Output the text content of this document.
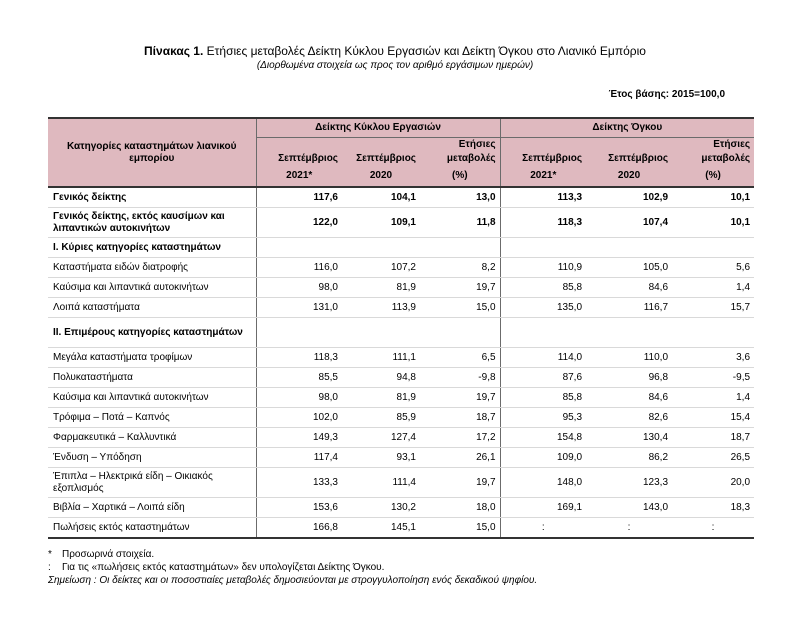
Πίνακας 1. Ετήσιες μεταβολές Δείκτη Κύκλου Εργασιών και Δείκτη Όγκου στο Λιανικό Εμπόριο
(Διορθωμένα στοιχεία ως προς τον αριθμό εργάσιμων ημερών)
Έτος βάσης: 2015=100,0
Κατηγορίες καταστημάτων λιανικού εμπορίου	Δείκτης Κύκλου Εργασιών			Δείκτης Όγκου		
			Ετήσιες			Ετήσιες
	Σεπτέμβριος	Σεπτέμβριος	μεταβολές	Σεπτέμβριος	Σεπτέμβριος	μεταβολές
	2021*	2020	(%)	2021*	2020	(%)
Γενικός δείκτης	117,6	104,1	13,0	113,3	102,9	10,1
Γενικός δείκτης, εκτός καυσίμων και λιπαντικών αυτοκινήτων	122,0	109,1	11,8	118,3	107,4	10,1
Ι. Κύριες κατηγορίες καταστημάτων						
Καταστήματα ειδών διατροφής	116,0	107,2	8,2	110,9	105,0	5,6
Καύσιμα και λιπαντικά αυτοκινήτων	98,0	81,9	19,7	85,8	84,6	1,4
Λοιπά καταστήματα	131,0	113,9	15,0	135,0	116,7	15,7
ΙΙ. Επιμέρους κατηγορίες καταστημάτων						
Μεγάλα καταστήματα τροφίμων	118,3	111,1	6,5	114,0	110,0	3,6
Πολυκαταστήματα	85,5	94,8	-9,8	87,6	96,8	-9,5
Καύσιμα και λιπαντικά αυτοκινήτων	98,0	81,9	19,7	85,8	84,6	1,4
Τρόφιμα – Ποτά – Καπνός	102,0	85,9	18,7	95,3	82,6	15,4
Φαρμακευτικά – Καλλυντικά	149,3	127,4	17,2	154,8	130,4	18,7
Ένδυση – Υπόδηση	117,4	93,1	26,1	109,0	86,2	26,5
Έπιπλα – Ηλεκτρικά είδη – Οικιακός εξοπλισμός	133,3	111,4	19,7	148,0	123,3	20,0
Βιβλία – Χαρτικά – Λοιπά είδη	153,6	130,2	18,0	169,1	143,0	18,3
Πωλήσεις εκτός καταστημάτων	166,8	145,1	15,0	:	:	:
* Προσωρινά στοιχεία.
: Για τις «πωλήσεις εκτός καταστημάτων» δεν υπολογίζεται Δείκτης Όγκου.
Σημείωση : Οι δείκτες και οι ποσοστιαίες μεταβολές δημοσιεύονται με στρογγυλοποίηση ενός δεκαδικού ψηφίου.
